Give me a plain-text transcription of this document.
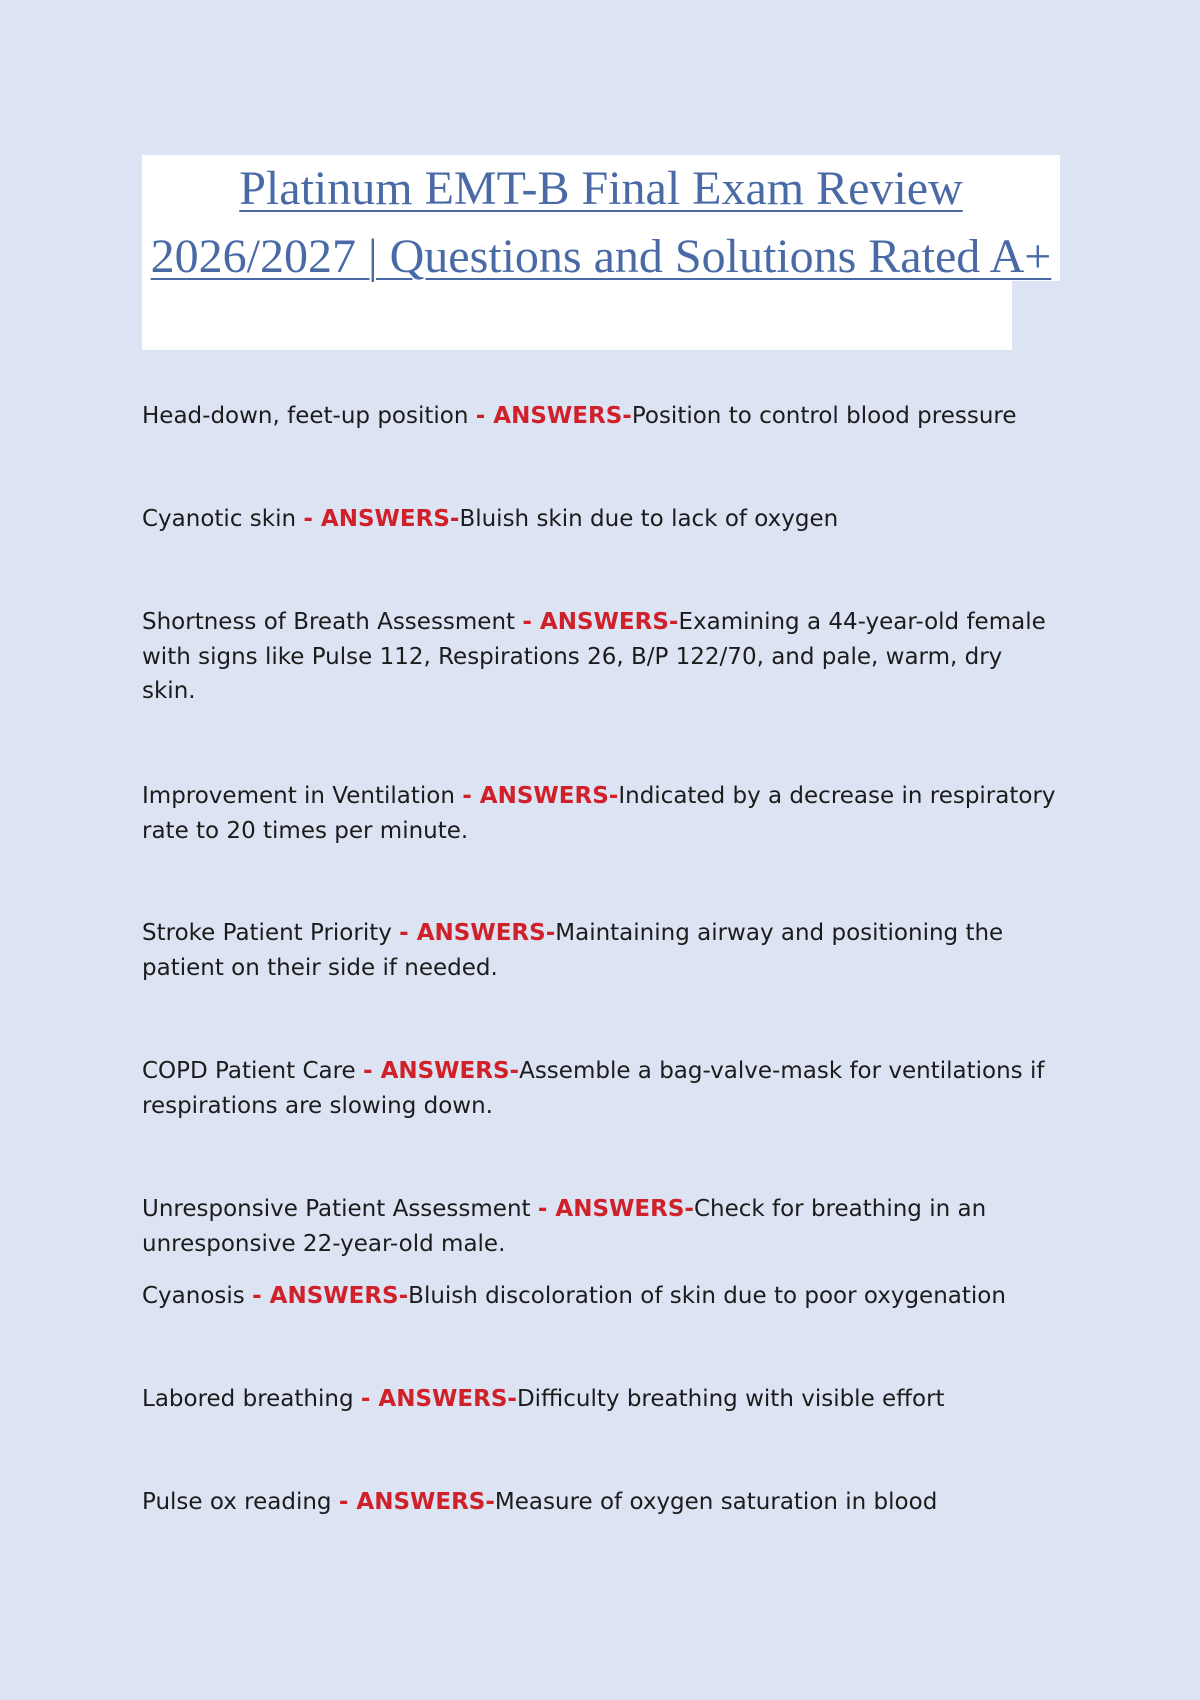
Platinum EMT-B Final Exam Review
2026/2027 | Questions and Solutions Rated A+

Head-down, feet-up position - ANSWERS-Position to control blood pressure

Cyanotic skin - ANSWERS-Bluish skin due to lack of oxygen

Shortness of Breath Assessment - ANSWERS-Examining a 44-year-old female with signs like Pulse 112, Respirations 26, B/P 122/70, and pale, warm, dry skin.

Improvement in Ventilation - ANSWERS-Indicated by a decrease in respiratory rate to 20 times per minute.

Stroke Patient Priority - ANSWERS-Maintaining airway and positioning the patient on their side if needed.

COPD Patient Care - ANSWERS-Assemble a bag-valve-mask for ventilations if respirations are slowing down.

Unresponsive Patient Assessment - ANSWERS-Check for breathing in an unresponsive 22-year-old male.

Cyanosis - ANSWERS-Bluish discoloration of skin due to poor oxygenation

Labored breathing - ANSWERS-Difficulty breathing with visible effort

Pulse ox reading - ANSWERS-Measure of oxygen saturation in blood
